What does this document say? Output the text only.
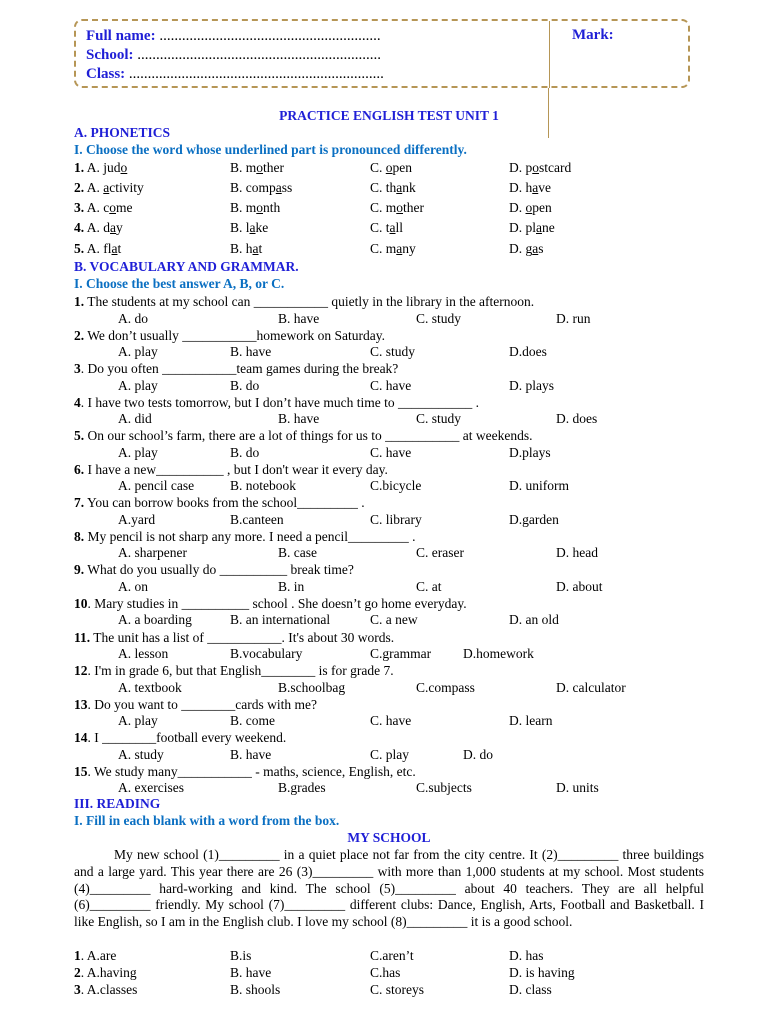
Full name: ...........................................................
School: .................................................................
Class: ....................................................................
Mark:
PRACTICE ENGLISH TEST UNIT 1
A. PHONETICS
I. Choose the word whose underlined part is pronounced differently.
1. A. judo	B. mother	C. open	D. postcard
2. A. activity	B. compass	C. thank	D. have
3. A. come	B. month	C. mother	D. open
4. A. day	B. lake	C. tall	D. plane
5. A. flat	B. hat	C. many	D. gas
B. VOCABULARY AND GRAMMAR.
I. Choose the best answer A, B, or C.
1. The students at my school can ___________ quietly in the library in the afternoon.
A. do	B. have	C. study	D. run
2. We don’t usually ___________homework on Saturday.
A. play	B. have	C. study	D.does
3. Do you often ___________team games during the break?
A. play	B. do	C. have	D. plays
4. I have two tests tomorrow, but I don’t have much time to ___________ .
A. did	B. have	C. study	D. does
5. On our school’s farm, there are a lot of things for us to ___________ at weekends.
A. play	B. do	C. have	D.plays
6. I have a new__________ , but I don't wear it every day.
A. pencil case	B. notebook	C.bicycle	D. uniform
7. You can borrow books from the school_________ .
A.yard	B.canteen	C. library	D.garden
8. My pencil is not sharp any more. I need a pencil_________ .
A. sharpener	B. case	C. eraser	D. head
9. What do you usually do __________ break time?
A. on	B. in	C. at	D. about
10. Mary studies in __________ school . She doesn’t go home everyday.
A. a boarding	B. an international	C. a new	D. an old
11. The unit has a list of ___________. It's about 30 words.
A. lesson	B.vocabulary	C.grammar D.homework
12. I'm in grade 6, but that English________ is for grade 7.
A. textbook	B.schoolbag	C.compass	D. calculator
13. Do you want to ________cards with me?
A. play	B. come	C. have	D. learn
14. I ________football every weekend.
A. study	B. have	C. play	D. do
15. We study many___________ - maths, science, English, etc.
A. exercises	B.grades	C.subjects	D. units
III. READING
I. Fill in each blank with a word from the box.
MY SCHOOL
My new school (1)_________ in a quiet place not far from the city centre. It (2)_________ three buildings and a large yard. This year there are 26 (3)_________ with more than 1,000 students at my school. Most students (4)_________ hard-working and kind. The school (5)_________ about 40 teachers. They are all helpful (6)_________ friendly. My school (7)_________ different clubs: Dance, English, Arts, Football and Basketball. I like English, so I am in the English club. I love my school (8)_________ it is a good school.
1. A.are	B.is	C.aren’t	D. has
2. A.having	B. have	C.has	D. is having
3. A.classes	B. shools	C. storeys	D. class
